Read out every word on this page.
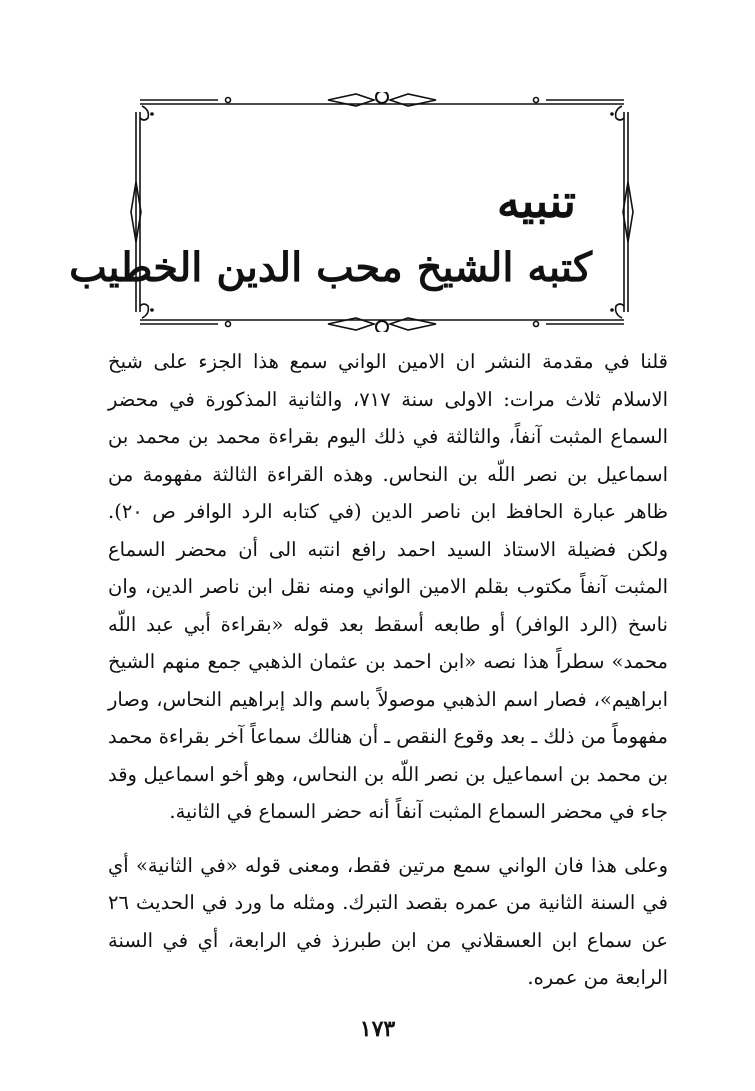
تنبيه
كتبه الشيخ محب الدين الخطيب

قلنا في مقدمة النشر ان الامين الواني سمع هذا الجزء على شيخ الاسلام ثلاث مرات: الاولى سنة ٧١٧، والثانية المذكورة في محضر السماع المثبت آنفاً، والثالثة في ذلك اليوم بقراءة محمد بن محمد بن اسماعيل بن نصر اللّه بن النحاس. وهذه القراءة الثالثة مفهومة من ظاهر عبارة الحافظ ابن ناصر الدين (في كتابه الرد الوافر ص ٢٠). ولكن فضيلة الاستاذ السيد احمد رافع انتبه الى أن محضر السماع المثبت آنفاً مكتوب بقلم الامين الواني ومنه نقل ابن ناصر الدين، وان ناسخ (الرد الوافر) أو طابعه أسقط بعد قوله «بقراءة أبي عبد اللّه محمد» سطراً هذا نصه «ابن احمد بن عثمان الذهبي جمع منهم الشيخ ابراهيم»، فصار اسم الذهبي موصولاً باسم والد إبراهيم النحاس، وصار مفهوماً من ذلك ـ بعد وقوع النقص ـ أن هنالك سماعاً آخر بقراءة محمد بن محمد بن اسماعيل بن نصر اللّه بن النحاس، وهو أخو اسماعيل وقد جاء في محضر السماع المثبت آنفاً أنه حضر السماع في الثانية.

وعلى هذا فان الواني سمع مرتين فقط، ومعنى قوله «في الثانية» أي في السنة الثانية من عمره بقصد التبرك. ومثله ما ورد في الحديث ٢٦ عن سماع ابن العسقلاني من ابن طبرزذ في الرابعة، أي في السنة الرابعة من عمره.

١٧٣
